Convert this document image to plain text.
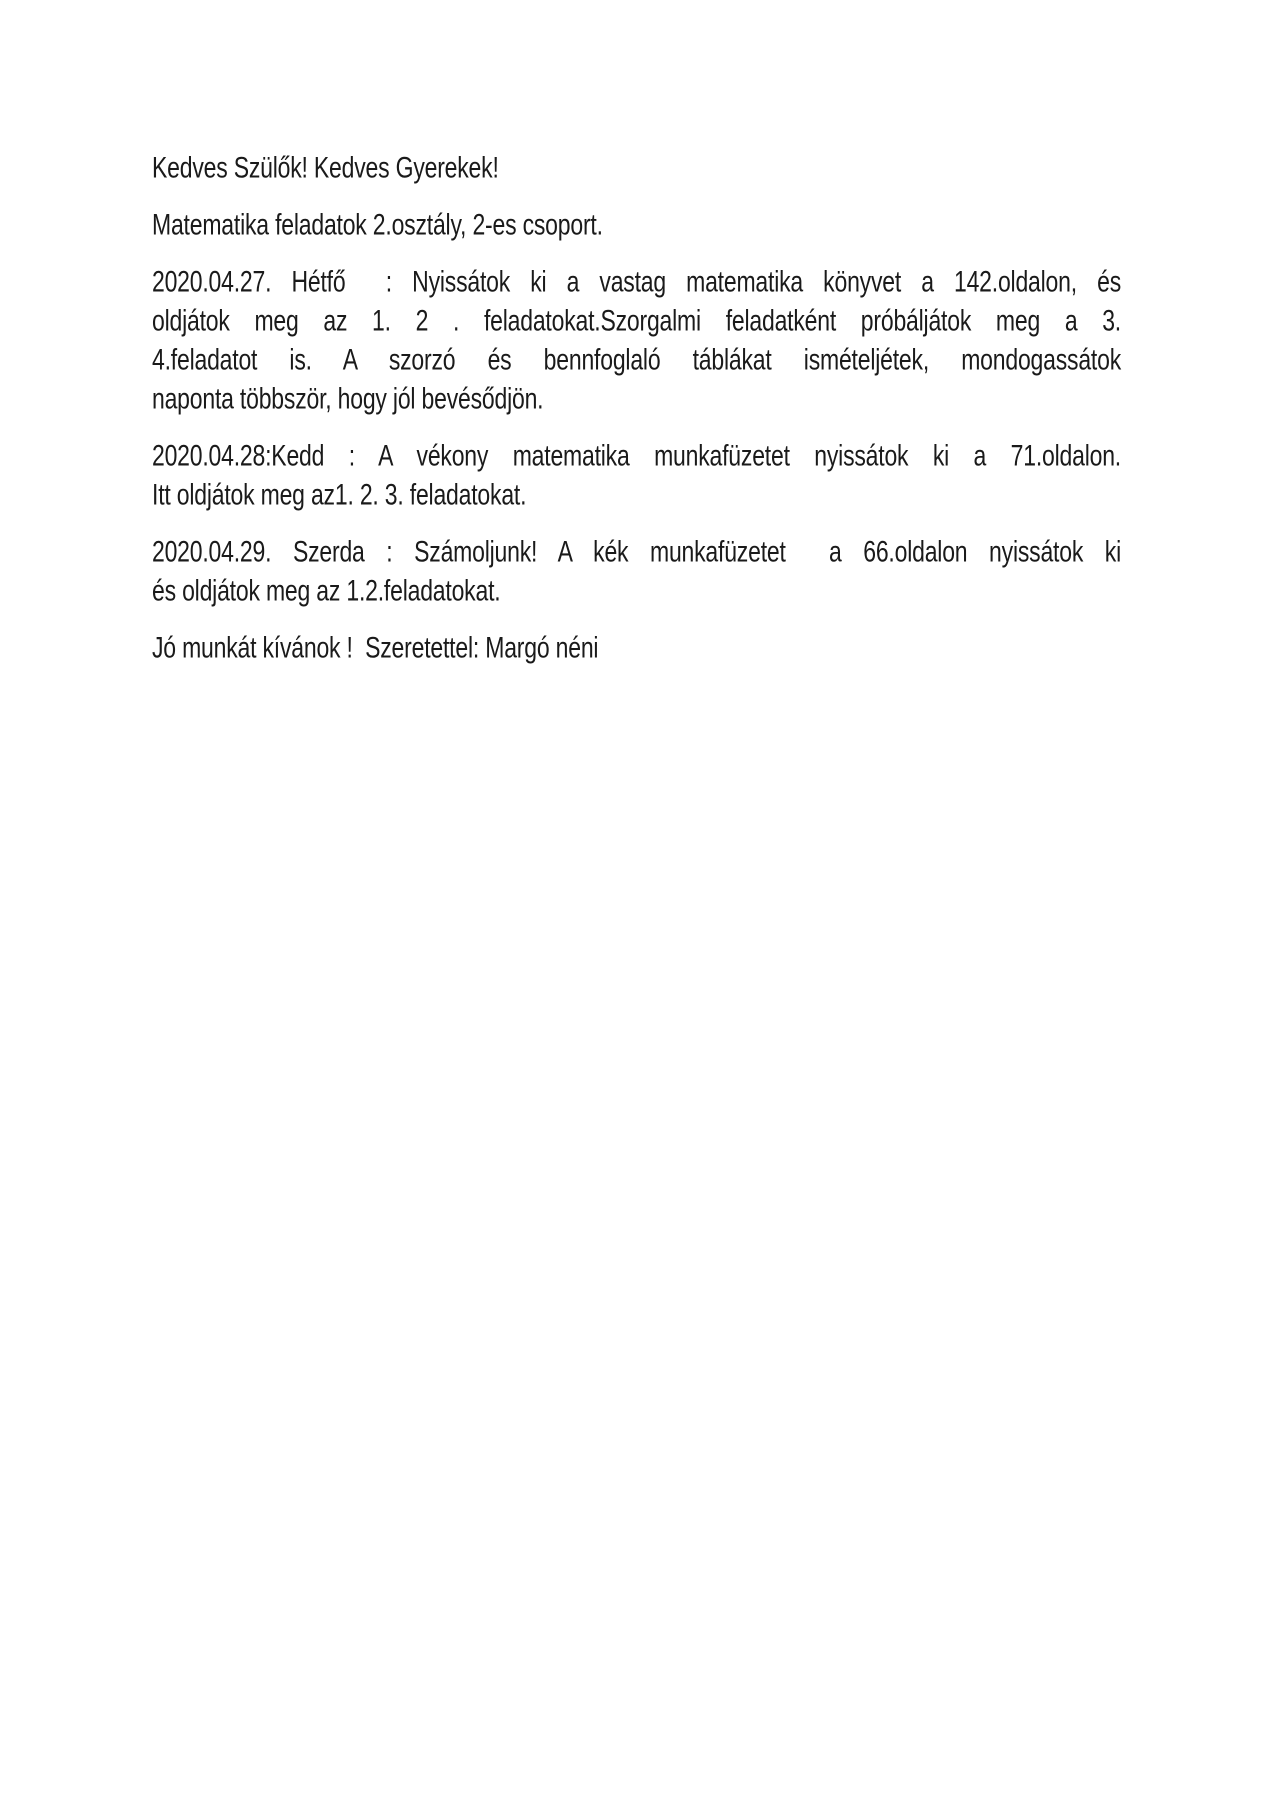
Kedves Szülők! Kedves Gyerekek!
Matematika feladatok 2.osztály, 2-es csoport.
2020.04.27. Hétfő  : Nyissátok ki a vastag matematika könyvet a 142.oldalon, és
oldjátok meg az 1. 2 . feladatokat.Szorgalmi feladatként próbáljátok meg a 3.
4.feladatot is. A szorzó és bennfoglaló táblákat ismételjétek, mondogassátok
naponta többször, hogy jól bevésődjön.
2020.04.28:Kedd : A vékony matematika munkafüzetet nyissátok ki a 71.oldalon.
Itt oldjátok meg az1. 2. 3. feladatokat.
2020.04.29. Szerda : Számoljunk! A kék munkafüzetet  a 66.oldalon nyissátok ki
és oldjátok meg az 1.2.feladatokat.
Jó munkát kívánok !  Szeretettel: Margó néni
